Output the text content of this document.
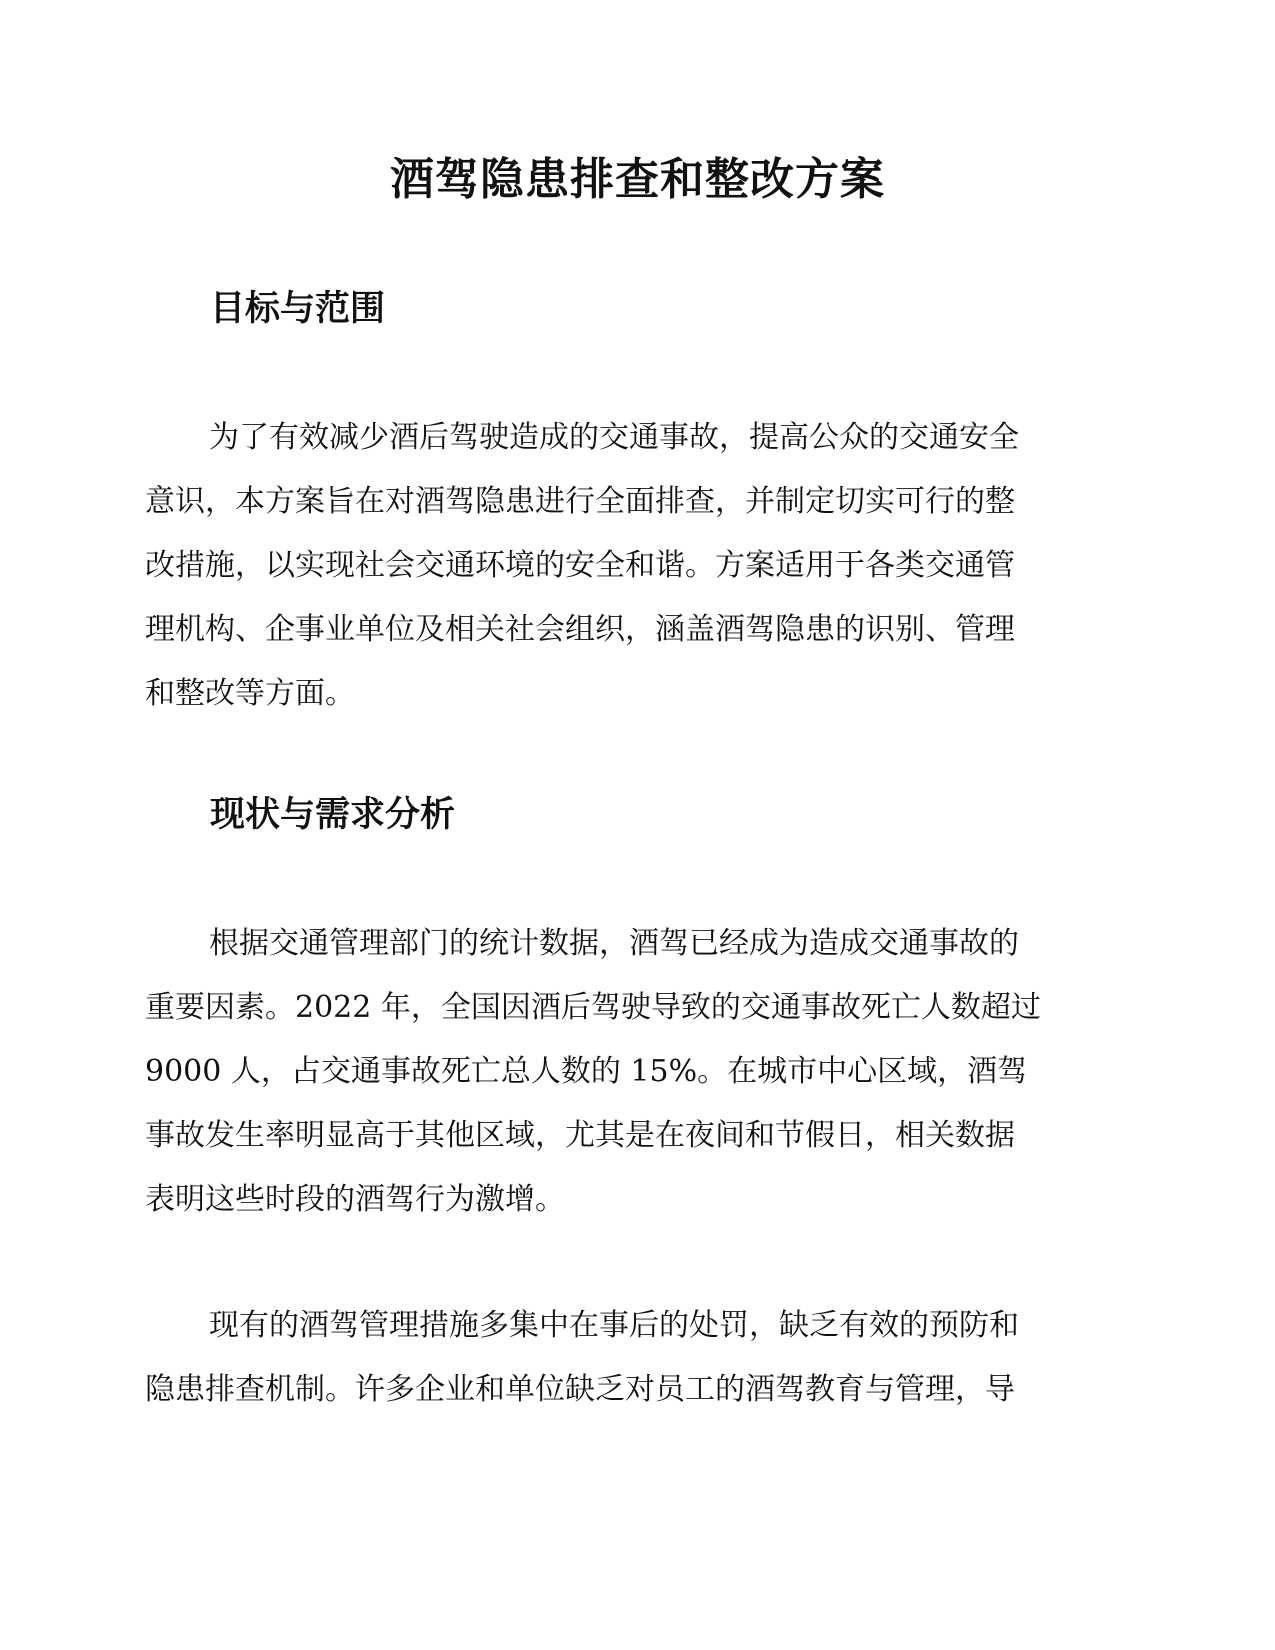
酒驾隐患排查和整改方案
目标与范围
为了有效减少酒后驾驶造成的交通事故，提高公众的交通安全
意识，本方案旨在对酒驾隐患进行全面排查，并制定切实可行的整
改措施，以实现社会交通环境的安全和谐。方案适用于各类交通管
理机构、企事业单位及相关社会组织，涵盖酒驾隐患的识别、管理
和整改等方面。
现状与需求分析
根据交通管理部门的统计数据，酒驾已经成为造成交通事故的
重要因素。2022 年，全国因酒后驾驶导致的交通事故死亡人数超过
9000 人，占交通事故死亡总人数的 15%。在城市中心区域，酒驾
事故发生率明显高于其他区域，尤其是在夜间和节假日，相关数据
表明这些时段的酒驾行为激增。
现有的酒驾管理措施多集中在事后的处罚，缺乏有效的预防和
隐患排查机制。许多企业和单位缺乏对员工的酒驾教育与管理，导
